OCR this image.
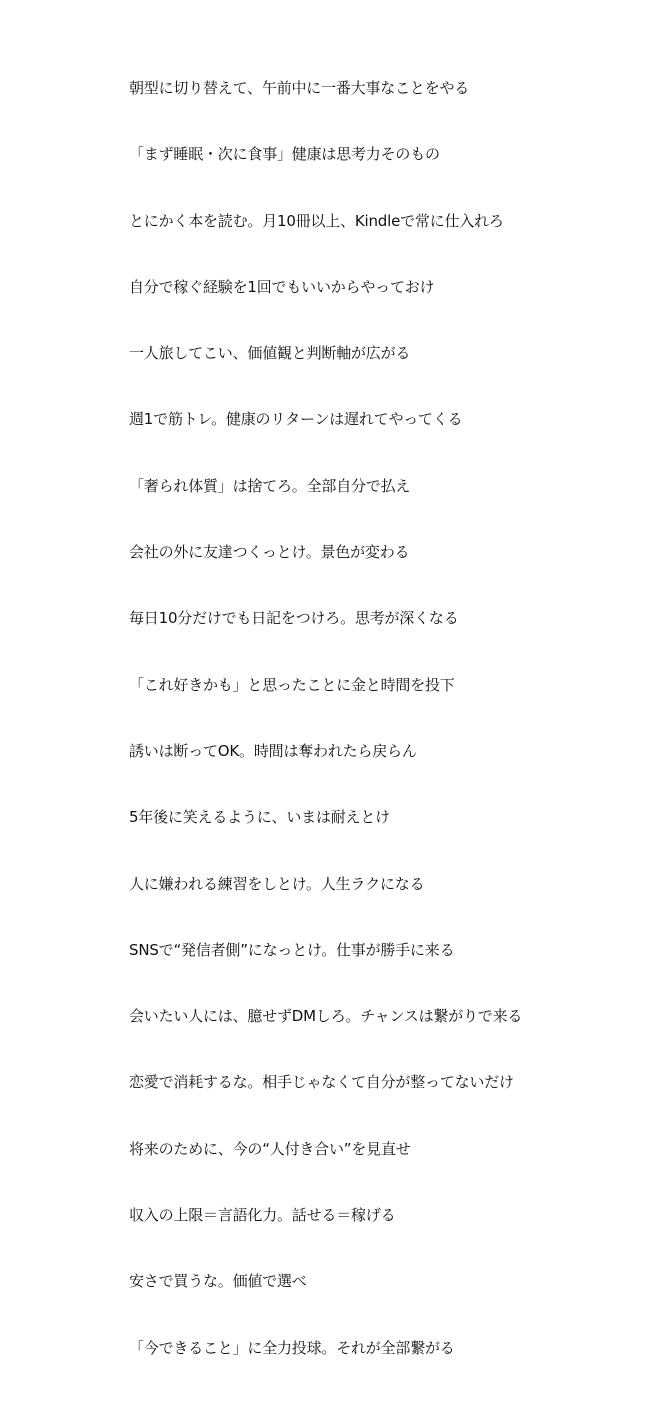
朝型に切り替えて、午前中に一番大事なことをやる
「まず睡眠・次に食事」健康は思考力そのもの
とにかく本を読む。月10冊以上、Kindleで常に仕入れろ
自分で稼ぐ経験を1回でもいいからやっておけ
一人旅してこい、価値観と判断軸が広がる
週1で筋トレ。健康のリターンは遅れてやってくる
「奢られ体質」は捨てろ。全部自分で払え
会社の外に友達つくっとけ。景色が変わる
毎日10分だけでも日記をつけろ。思考が深くなる
「これ好きかも」と思ったことに金と時間を投下
誘いは断ってOK。時間は奪われたら戻らん
5年後に笑えるように、いまは耐えとけ
人に嫌われる練習をしとけ。人生ラクになる
SNSで“発信者側”になっとけ。仕事が勝手に来る
会いたい人には、臆せずDMしろ。チャンスは繋がりで来る
恋愛で消耗するな。相手じゃなくて自分が整ってないだけ
将来のために、今の“人付き合い”を見直せ
収入の上限＝言語化力。話せる＝稼げる
安さで買うな。価値で選べ
「今できること」に全力投球。それが全部繋がる
